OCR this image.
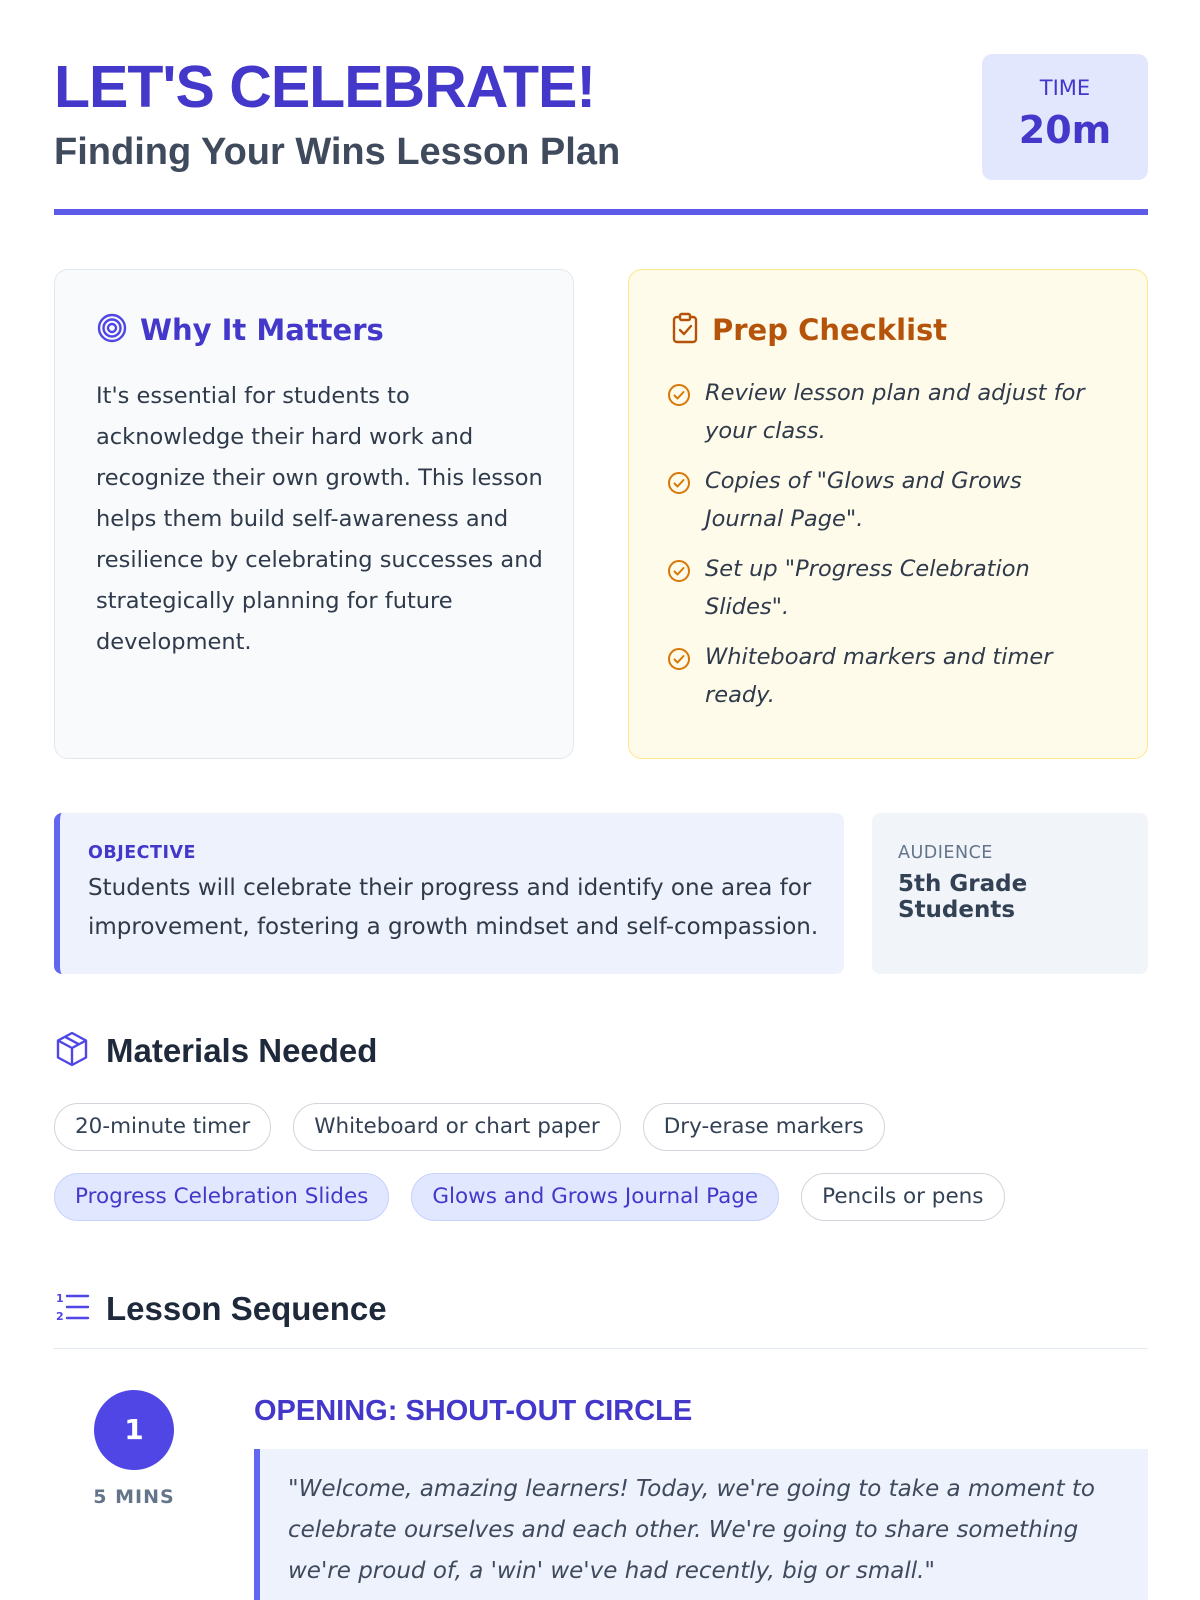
LET'S CELEBRATE!
Finding Your Wins Lesson Plan
TIME
20m
Why It Matters
It's essential for students to acknowledge their hard work and recognize their own growth. This lesson helps them build self-awareness and resilience by celebrating successes and strategically planning for future development.
Prep Checklist
Review lesson plan and adjust for your class.
Copies of "Glows and Grows Journal Page".
Set up "Progress Celebration Slides".
Whiteboard markers and timer ready.
OBJECTIVE
Students will celebrate their progress and identify one area for improvement, fostering a growth mindset and self-compassion.
AUDIENCE
5th Grade Students
Materials Needed
20-minute timer	Whiteboard or chart paper	Dry-erase markers
Progress Celebration Slides	Glows and Grows Journal Page	Pencils or pens
1
2 Lesson Sequence
1
5 MINS
OPENING: SHOUT-OUT CIRCLE
"Welcome, amazing learners! Today, we're going to take a moment to celebrate ourselves and each other. We're going to share something we're proud of, a 'win' we've had recently, big or small."
